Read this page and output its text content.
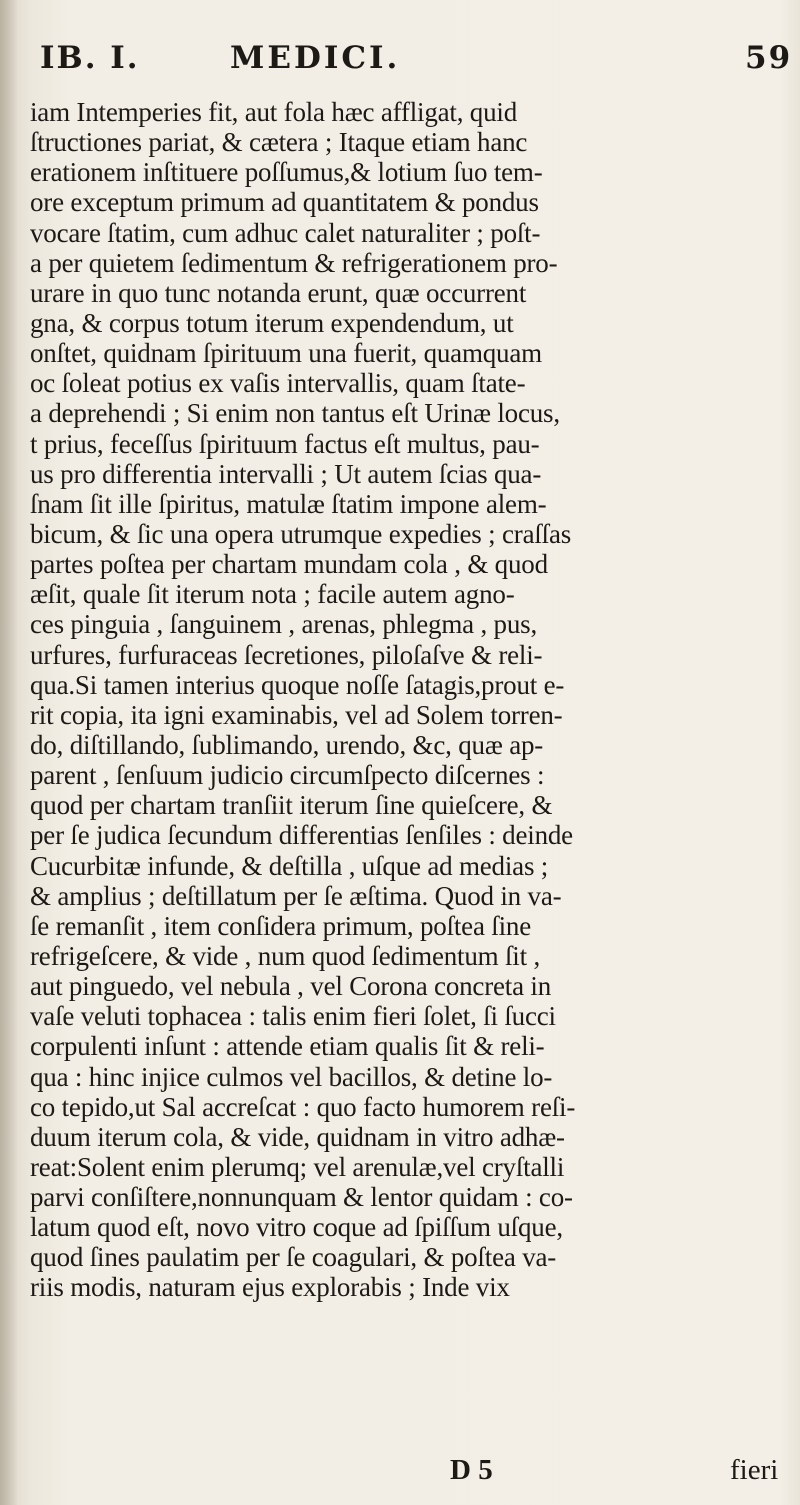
IB. I.	MEDICI.	59
iam Intemperies fit, aut fola hæc affligat, quid
ſtructiones pariat, & cætera ; Itaque etiam hanc
erationem inſtituere poſſumus,& lotium ſuo tem-
ore exceptum primum ad quantitatem & pondus
vocare ſtatim, cum adhuc calet naturaliter ; poſt-
a per quietem ſedimentum & refrigerationem pro-
urare in quo tunc notanda erunt, quæ occurrent
gna, & corpus totum iterum expendendum, ut
onſtet, quidnam ſpirituum una fuerit, quamquam
oc ſoleat potius ex vaſis intervallis, quam ſtate-
a deprehendi ; Si enim non tantus eſt Urinæ locus,
t prius, feceſſus ſpirituum factus eſt multus, pau-
us pro differentia intervalli ; Ut autem ſcias qua-
ſnam ſit ille ſpiritus, matulæ ſtatim impone alem-
bicum, & ſic una opera utrumque expedies ; craſſas
partes poſtea per chartam mundam cola , & quod
æſit, quale ſit iterum nota ; facile autem agno-
ces pinguia , ſanguinem , arenas, phlegma , pus,
urfures, furfuraceas ſecretiones, piloſaſve & reli-
qua.Si tamen interius quoque noſſe ſatagis,prout e-
rit copia, ita igni examinabis, vel ad Solem torren-
do, diſtillando, ſublimando, urendo, &c, quæ ap-
parent , ſenſuum judicio circumſpecto diſcernes :
quod per chartam tranſiit iterum ſine quieſcere, &
per ſe judica ſecundum differentias ſenſiles : deinde
Cucurbitæ infunde, & deſtilla , uſque ad medias ;
& amplius ; deſtillatum per ſe æſtima. Quod in va-
ſe remanſit , item conſidera primum, poſtea ſine
refrigeſcere, & vide , num quod ſedimentum ſit ,
aut pinguedo, vel nebula , vel Corona concreta in
vaſe veluti tophacea : talis enim fieri ſolet, ſi ſucci
corpulenti inſunt : attende etiam qualis ſit & reli-
qua : hinc injice culmos vel bacillos, & detine lo-
co tepido,ut Sal accreſcat : quo facto humorem reſi-
duum iterum cola, & vide, quidnam in vitro adhæ-
reat:Solent enim plerumq; vel arenulæ,vel cryſtalli
parvi conſiſtere,nonnunquam & lentor quidam : co-
latum quod eſt, novo vitro coque ad ſpiſſum uſque,
quod ſines paulatim per ſe coagulari, & poſtea va-
riis modis, naturam ejus explorabis ; Inde vix
D 5	fieri
